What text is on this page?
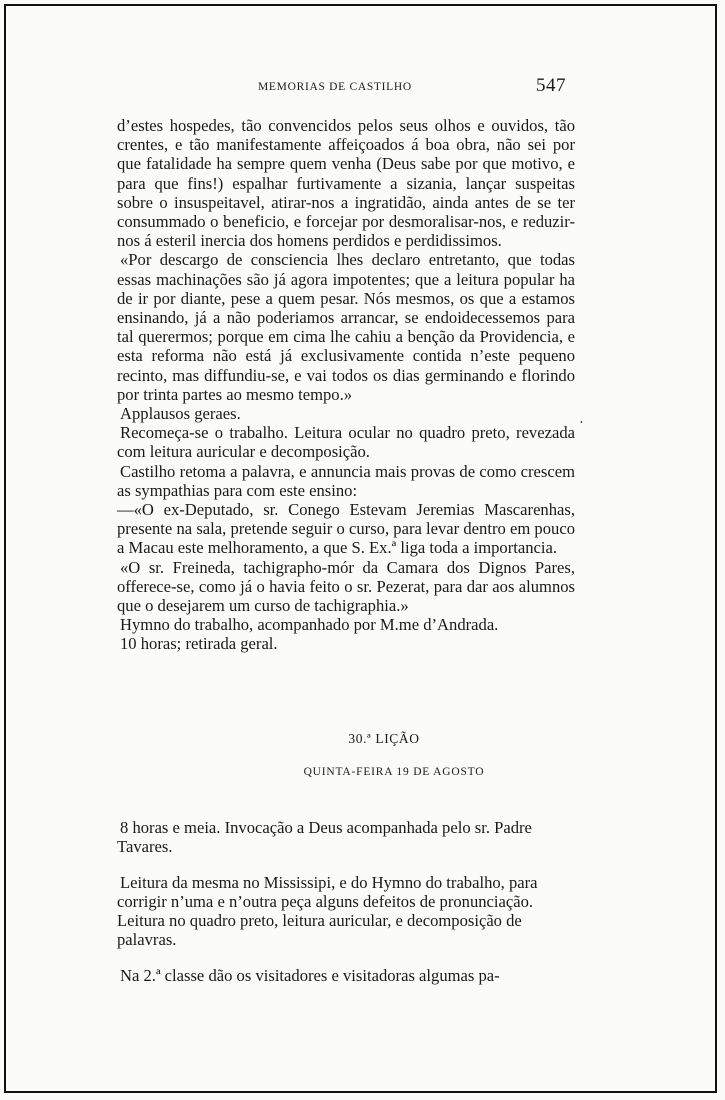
MEMORIAS DE CASTILHO	547

d’estes hospedes, tão convencidos pelos seus olhos e ouvidos, tão crentes, e tão manifestamente affeiçoados á boa obra, não sei por que fatalidade ha sempre quem venha (Deus sabe por que motivo, e para que fins!) espalhar furtivamente a sizania, lançar suspeitas sobre o insuspeitavel, atirar-nos a ingratidão, ainda antes de se ter consummado o beneficio, e forcejar por desmoralisar-nos, e reduzir-nos á esteril inercia dos homens perdidos e perdidissimos.

«Por descargo de consciencia lhes declaro entretanto, que todas essas machinações são já agora impotentes; que a leitura popular ha de ir por diante, pese a quem pesar. Nós mesmos, os que a estamos ensinando, já a não poderiamos arrancar, se endoidecessemos para tal querermos; porque em cima lhe cahiu a benção da Providencia, e esta reforma não está já exclusivamente contida n’este pequeno recinto, mas diffundiu-se, e vai todos os dias germinando e florindo por trinta partes ao mesmo tempo.»

Applausos geraes.

Recomeça-se o trabalho. Leitura ocular no quadro preto, revezada com leitura auricular e decomposição.

Castilho retoma a palavra, e annuncia mais provas de como crescem as sympathias para com este ensino:

—«O ex-Deputado, sr. Conego Estevam Jeremias Mascarenhas, presente na sala, pretende seguir o curso, para levar dentro em pouco a Macau este melhoramento, a que S. Ex.ª liga toda a importancia.

«O sr. Freineda, tachigrapho-mór da Camara dos Dignos Pares, offerece-se, como já o havia feito o sr. Pezerat, para dar aos alumnos que o desejarem um curso de tachigraphia.»

Hymno do trabalho, acompanhado por M.me d’Andrada.

10 horas; retirada geral.

30.ª LIÇÃO
QUINTA-FEIRA 19 DE AGOSTO

8 horas e meia. Invocação a Deus acompanhada pelo sr. Padre Tavares.

Leitura da mesma no Mississipi, e do Hymno do trabalho, para corrigir n’uma e n’outra peça alguns defeitos de pronunciação. Leitura no quadro preto, leitura auricular, e decomposição de palavras.

Na 2.ª classe dão os visitadores e visitadoras algumas pa-

•
